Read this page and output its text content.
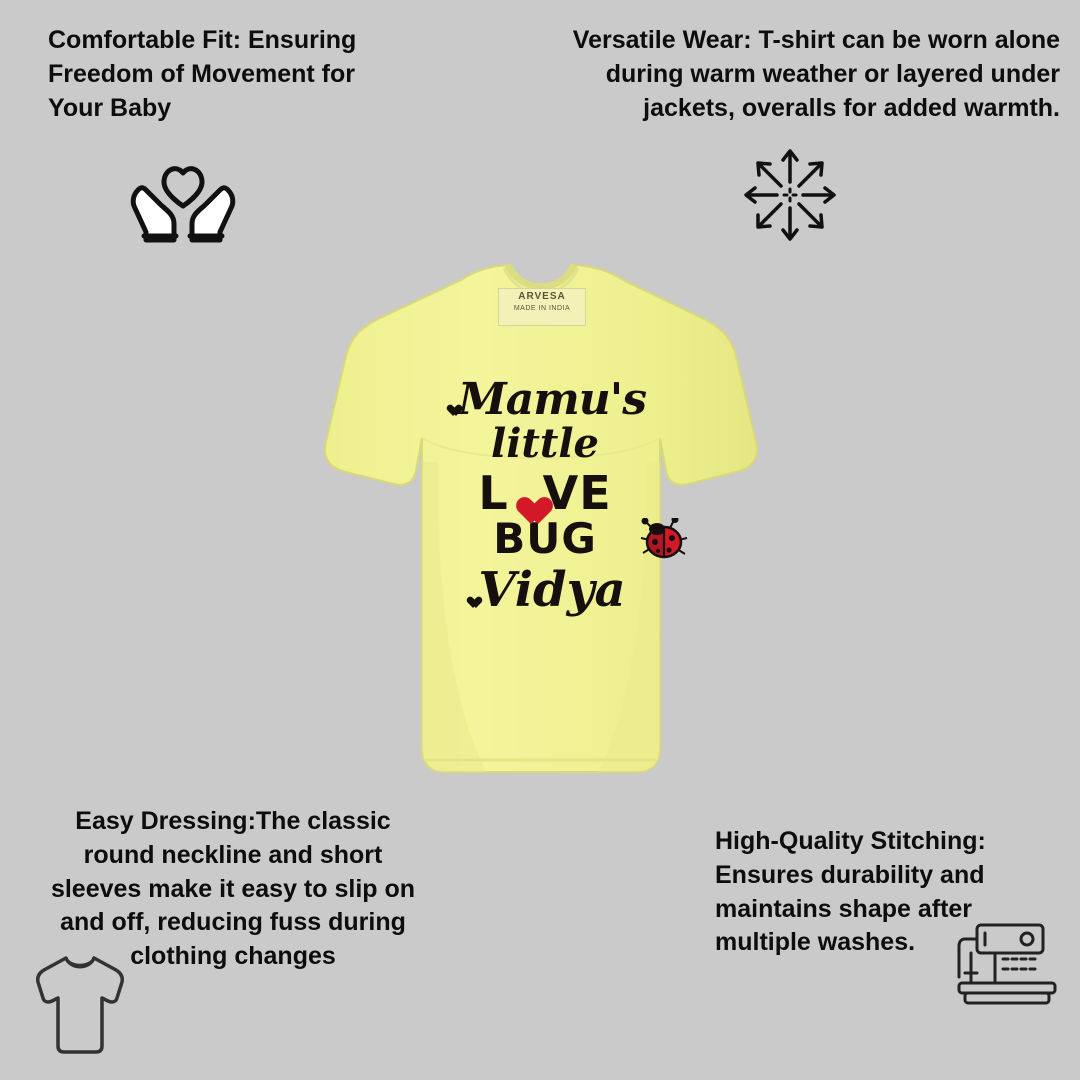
Comfortable Fit: Ensuring Freedom of Movement for Your Baby
Versatile Wear: T-shirt can be worn alone during warm weather or layered under jackets, overalls for added warmth.
ARVESA
MADE IN INDIA
Mamu's
little
L VE
BUG
Vidya
Easy Dressing:The classic round neckline and short sleeves make it easy to slip on and off, reducing fuss during clothing changes
High-Quality Stitching: Ensures durability and maintains shape after multiple washes.
